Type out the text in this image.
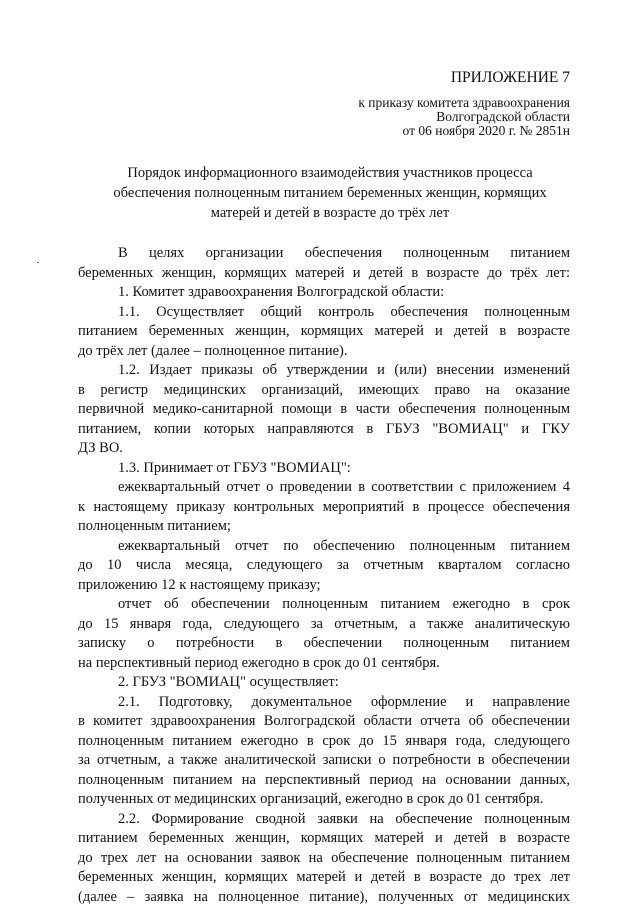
ПРИЛОЖЕНИЕ 7
к приказу комитета здравоохранения
Волгоградской области
от 06 ноября 2020 г. № 2851н
Порядок информационного взаимодействия участников процесса
обеспечения полноценным питанием беременных женщин, кормящих
матерей и детей в возрасте до трёх лет
В целях организации обеспечения полноценным питанием
беременных женщин, кормящих матерей и детей в возрасте до трёх лет:
1. Комитет здравоохранения Волгоградской области:
1.1. Осуществляет общий контроль обеспечения полноценным
питанием беременных женщин, кормящих матерей и детей в возрасте
до трёх лет (далее – полноценное питание).
1.2. Издает приказы об утверждении и (или) внесении изменений
в регистр медицинских организаций, имеющих право на оказание
первичной медико-санитарной помощи в части обеспечения полноценным
питанием, копии которых направляются в ГБУЗ "ВОМИАЦ" и ГКУ
ДЗ ВО.
1.3. Принимает от ГБУЗ "ВОМИАЦ":
ежеквартальный отчет о проведении в соответствии с приложением 4
к настоящему приказу контрольных мероприятий в процессе обеспечения
полноценным питанием;
ежеквартальный отчет по обеспечению полноценным питанием
до 10 числа месяца, следующего за отчетным кварталом согласно
приложению 12 к настоящему приказу;
отчет об обеспечении полноценным питанием ежегодно в срок
до 15 января года, следующего за отчетным, а также аналитическую
записку о потребности в обеспечении полноценным питанием
на перспективный период ежегодно в срок до 01 сентября.
2. ГБУЗ "ВОМИАЦ" осуществляет:
2.1. Подготовку, документальное оформление и направление
в комитет здравоохранения Волгоградской области отчета об обеспечении
полноценным питанием ежегодно в срок до 15 января года, следующего
за отчетным, а также аналитической записки о потребности в обеспечении
полноценным питанием на перспективный период на основании данных,
полученных от медицинских организаций, ежегодно в срок до 01 сентября.
2.2. Формирование сводной заявки на обеспечение полноценным
питанием беременных женщин, кормящих матерей и детей в возрасте
до трех лет на основании заявок на обеспечение полноценным питанием
беременных женщин, кормящих матерей и детей в возрасте до трех лет
(далее – заявка на полноценное питание), полученных от медицинских
